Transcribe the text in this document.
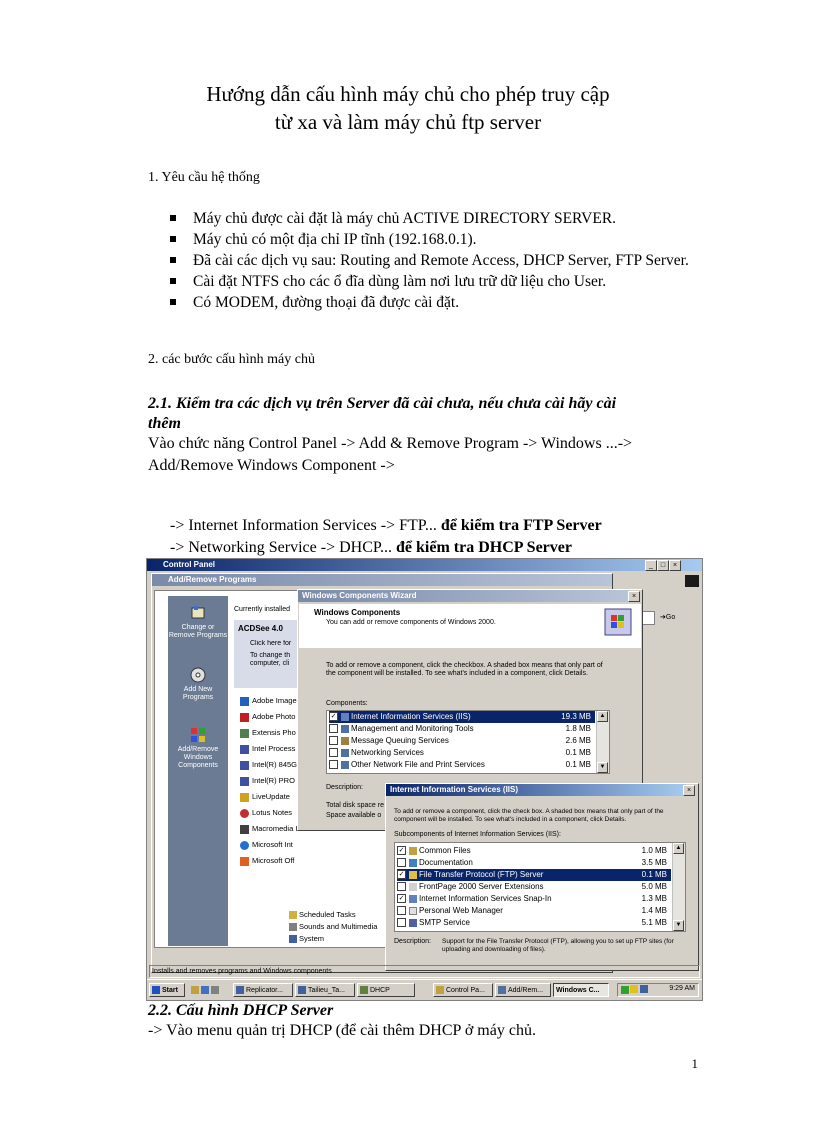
Hướng dẫn cấu hình máy chủ cho phép truy cập
từ xa và làm máy chủ ftp server
1. Yêu cầu hệ thống
Máy chủ được cài đặt là máy chủ ACTIVE DIRECTORY SERVER.
Máy chủ có một địa chỉ IP tĩnh (192.168.0.1).
Đã cài các dịch vụ sau: Routing and Remote Access, DHCP Server, FTP Server.
Cài đặt NTFS cho các ổ đĩa dùng làm nơi lưu trữ dữ liệu cho User.
Có MODEM, đường thoại đã được cài đặt.
2. các bước cấu hình máy chủ
2.1. Kiểm tra các dịch vụ trên Server đã cài chưa, nếu chưa cài hãy cài
thêm
Vào chức năng Control Panel -> Add & Remove Program -> Windows ...->
Add/Remove Windows Component ->
-> Internet Information Services -> FTP... để kiểm tra FTP Server
-> Networking Service -> DHCP... để kiểm tra DHCP Server
Control Panel	×
□
_
Add/Remove Programs
Change or Remove Programs
Add New Programs
Add/Remove Windows Components
Currently installed
ACDSee 4.0
Click here for
To change th computer, cli
Adobe Image
Adobe Photo
Extensis Pho
Intel Process
Intel(R) 845G
Intel(R) PRO
LiveUpdate
Lotus Notes
Macromedia I
Microsoft Int
Microsoft Off
Scheduled Tasks
Sounds and Multimedia
System
➔Go
Windows Components Wizard	×
Windows Components
You can add or remove components of Windows 2000.
To add or remove a component, click the checkbox. A shaded box means that only part of the component will be installed. To see what's included in a component, click Details.
Components:
✓ Internet Information Services (IIS)	19.3 MB
Management and Monitoring Tools	1.8 MB
Message Queuing Services	2.6 MB
Networking Services	0.1 MB
Other Network File and Print Services	0.1 MB
▲
▼
Description:
Total disk space re
Space available o
Internet Information Services (IIS)	×
To add or remove a component, click the check box. A shaded box means that only part of the component will be installed. To see what's included in a component, click Details.
Subcomponents of Internet Information Services (IIS):
✓ Common Files	1.0 MB
Documentation	3.5 MB
✓ File Transfer Protocol (FTP) Server	0.1 MB
FrontPage 2000 Server Extensions	5.0 MB
✓ Internet Information Services Snap-In	1.3 MB
Personal Web Manager	1.4 MB
SMTP Service	5.1 MB
▲
▼
Description: Support for the File Transfer Protocol (FTP), allowing you to set up FTP sites (for uploading and downloading of files).
Installs and removes programs and Windows components
Start	Replicator...	Tailieu_Ta...	DHCP	Control Pa...	Add/Rem...	Windows C...	9:29 AM
2.2. Cấu hình DHCP Server
-> Vào menu quản trị DHCP (để cài thêm DHCP ở máy chủ.
1
